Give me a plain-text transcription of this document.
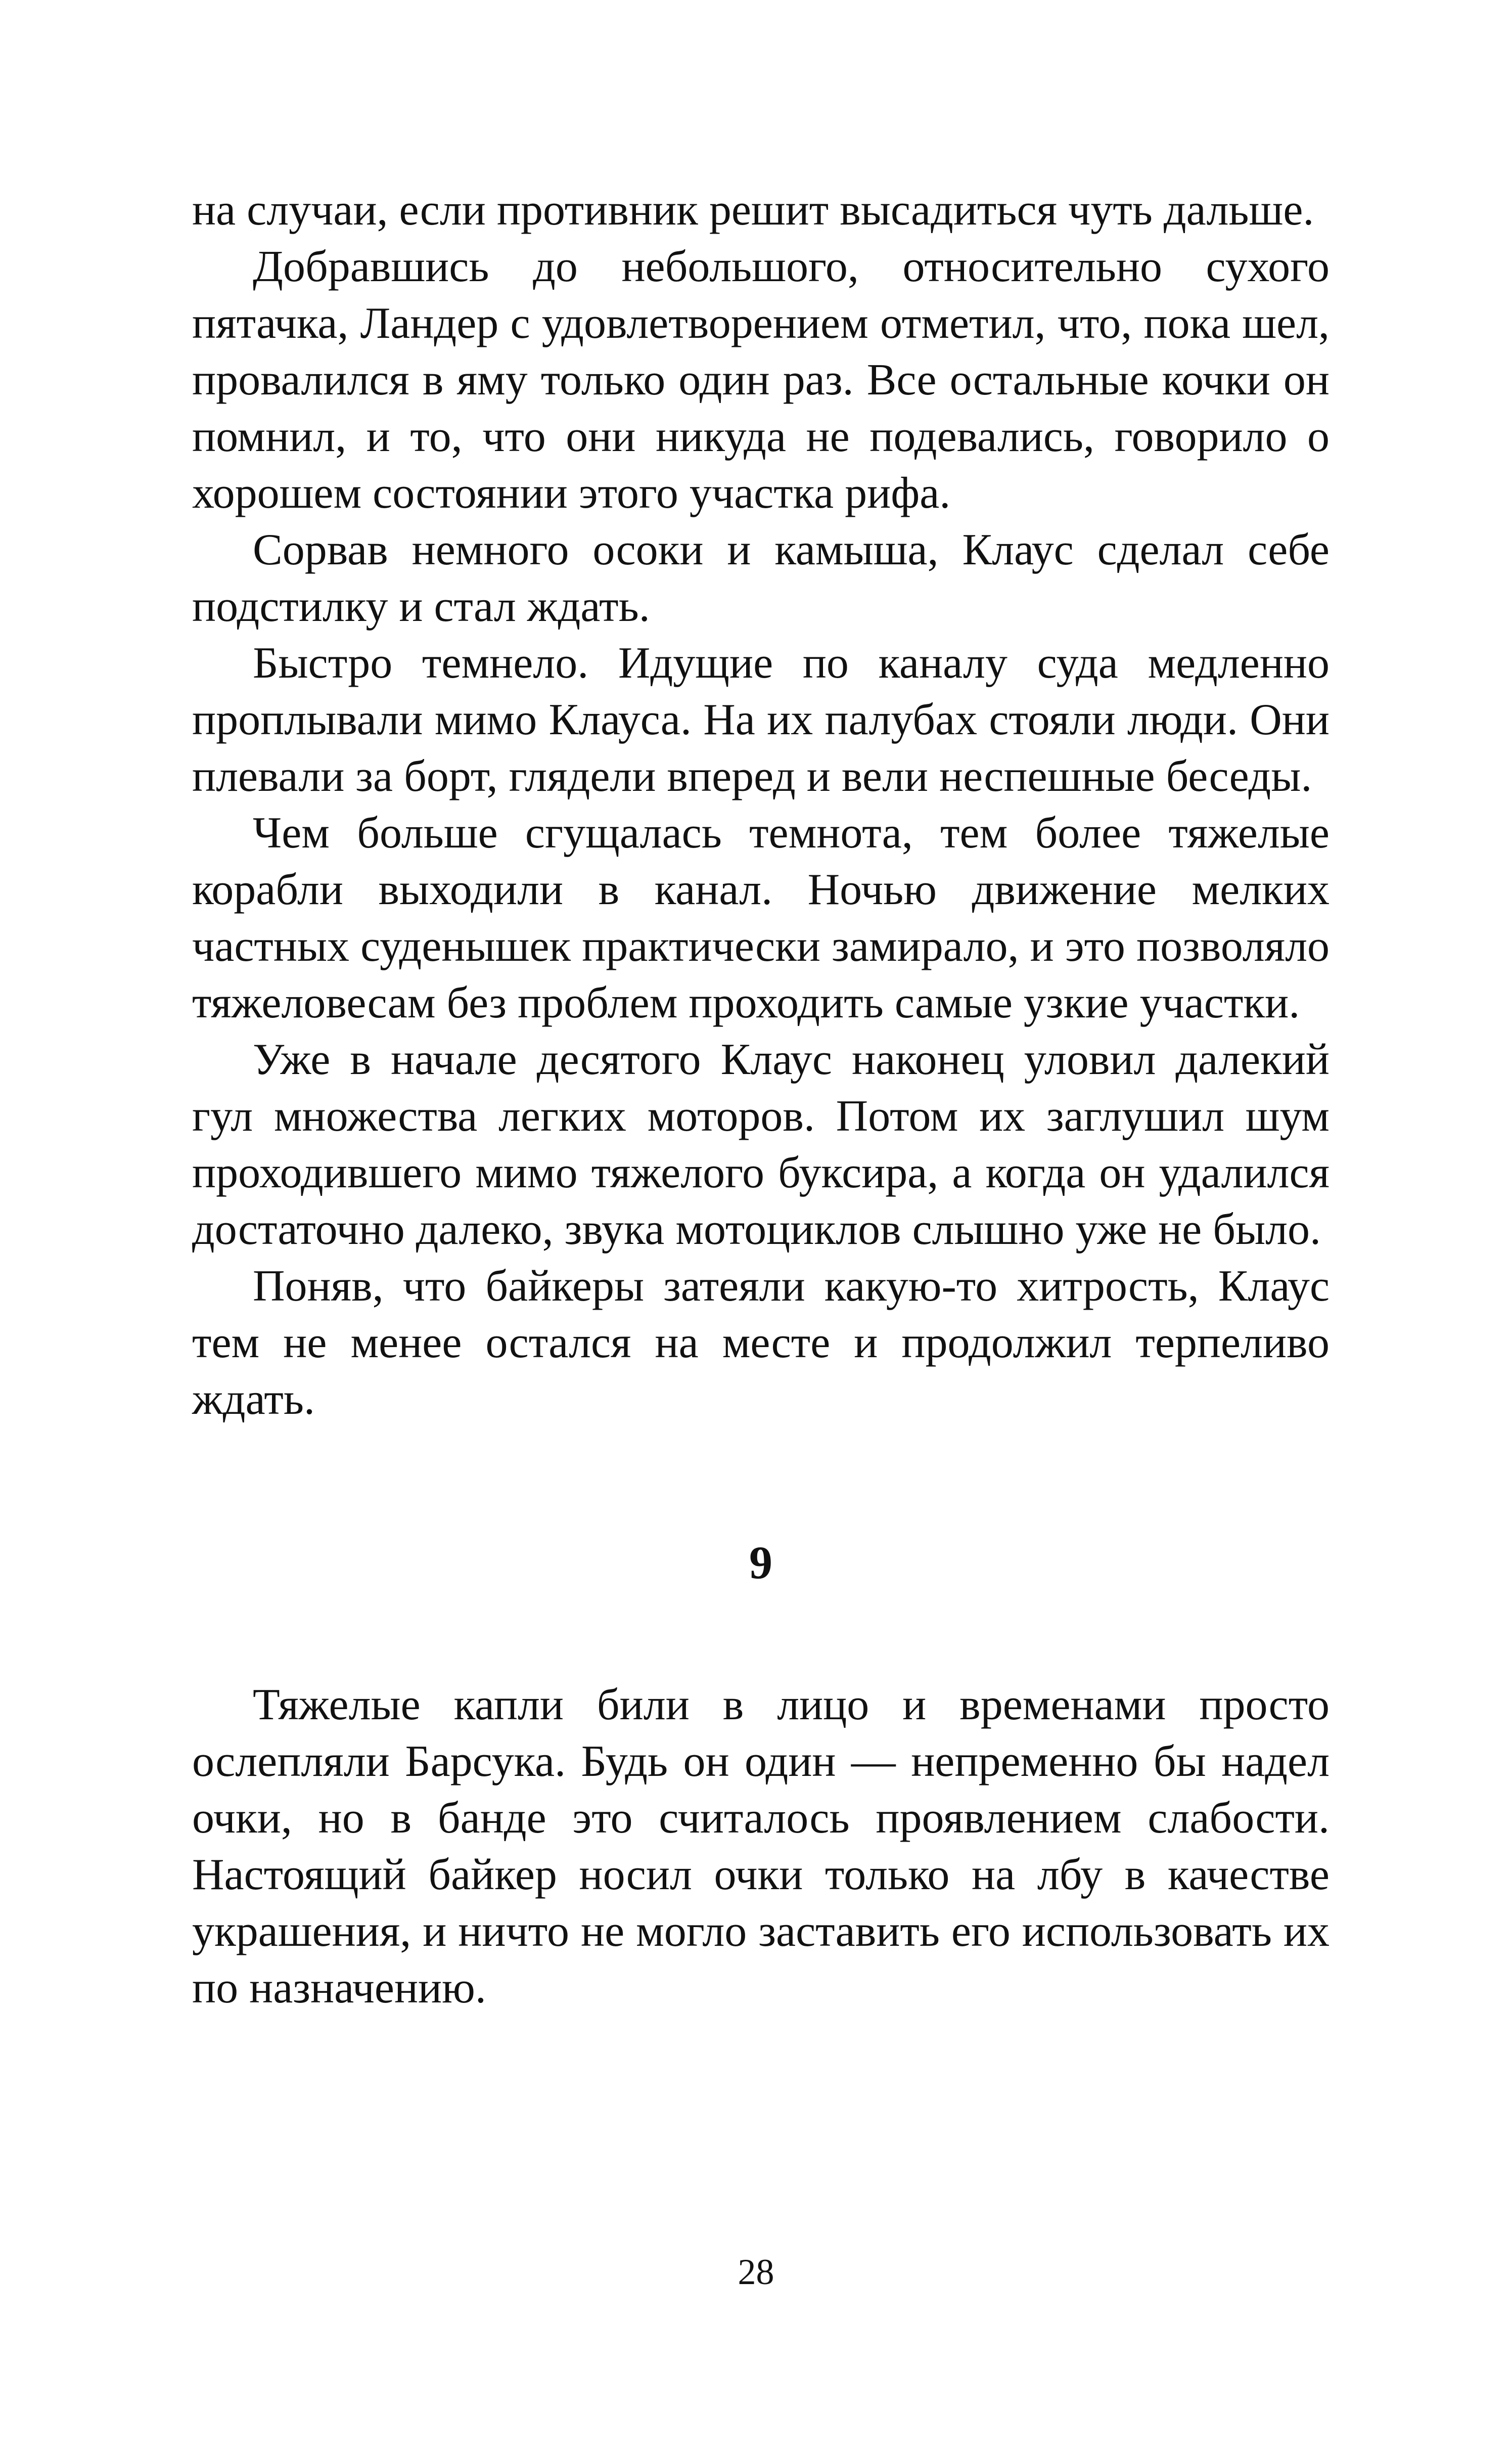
на случаи, если противник решит высадиться чуть дальше.

Добравшись до небольшого, относительно сухого пятачка, Ландер с удовлетворением отметил, что, пока шел, провалился в яму только один раз. Все остальные кочки он помнил, и то, что они никуда не подевались, говорило о хорошем состоянии этого участка рифа.

Сорвав немного осоки и камыша, Клаус сделал себе подстилку и стал ждать.

Быстро темнело. Идущие по каналу суда медленно проплывали мимо Клауса. На их палубах стояли люди. Они плевали за борт, глядели вперед и вели неспешные беседы.

Чем больше сгущалась темнота, тем более тяжелые корабли выходили в канал. Ночью движение мелких частных суденышек практически замирало, и это позволяло тяжеловесам без проблем проходить самые узкие участки.

Уже в начале десятого Клаус наконец уловил далекий гул множества легких моторов. Потом их заглушил шум проходившего мимо тяжелого буксира, а когда он удалился достаточно далеко, звука мотоциклов слышно уже не было.

Поняв, что байкеры затеяли какую-то хитрость, Клаус тем не менее остался на месте и продолжил терпеливо ждать.

9

Тяжелые капли били в лицо и временами просто ослепляли Барсука. Будь он один — непременно бы надел очки, но в банде это считалось проявлением слабости. Настоящий байкер носил очки только на лбу в качестве украшения, и ничто не могло заставить его использовать их по назначению.

28
